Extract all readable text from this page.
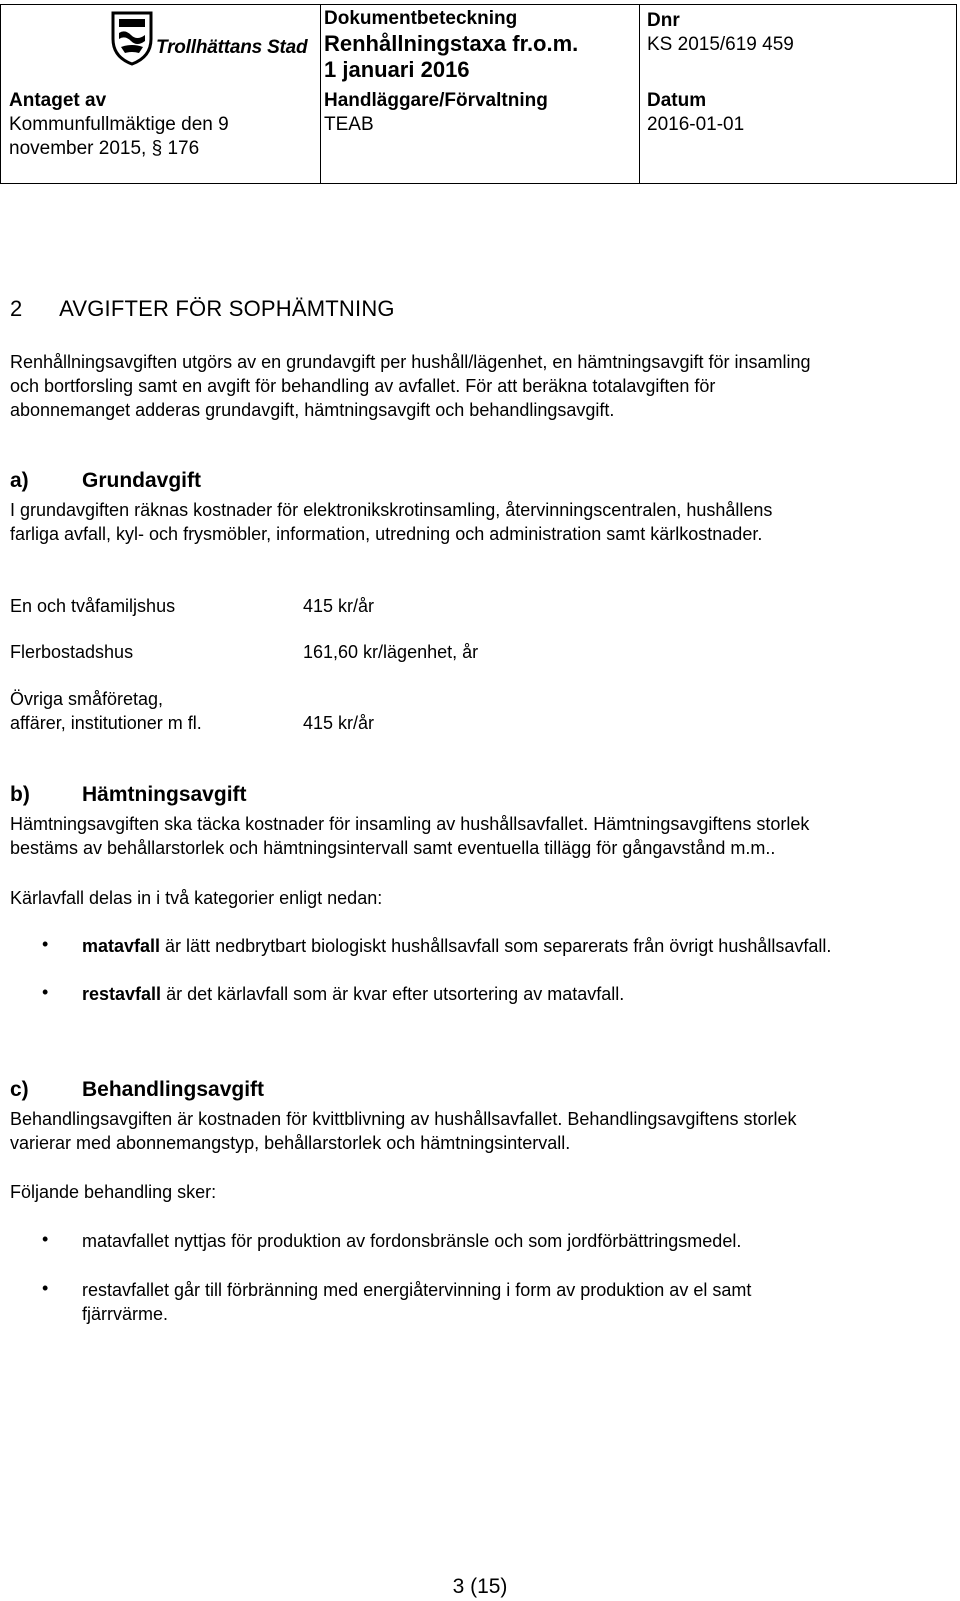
Trollhättans Stad
Antaget av
Kommunfullmäktige den 9
november 2015, § 176
Dokumentbeteckning
Renhållningstaxa fr.o.m.
1 januari 2016
Handläggare/Förvaltning
TEAB
Dnr
KS 2015/619 459
Datum
2016-01-01
2      AVGIFTER FÖR SOPHÄMTNING

Renhållningsavgiften utgörs av en grundavgift per hushåll/lägenhet, en hämtningsavgift för insamling

och bortforsling samt en avgift för behandling av avfallet. För att beräkna totalavgiften för

abonnemanget adderas grundavgift, hämtningsavgift och behandlingsavgift.

a)	Grundavgift

I grundavgiften räknas kostnader för elektronikskrotinsamling, återvinningscentralen, hushållens

farliga avfall, kyl- och frysmöbler, information, utredning och administration samt kärlkostnader.

En och tvåfamiljshus	415 kr/år
Flerbostadshus	161,60 kr/lägenhet, år
Övriga småföretag,
affärer, institutioner m fl.	415 kr/år
b) Hämtningsavgift

Hämtningsavgiften ska täcka kostnader för insamling av hushållsavfallet. Hämtningsavgiftens storlek

bestäms av behållarstorlek och hämtningsintervall samt eventuella tillägg för gångavstånd m.m..

Kärlavfall delas in i två kategorier enligt nedan:

• matavfall är lätt nedbrytbart biologiskt hushållsavfall som separerats från övrigt hushållsavfall.
• restavfall är det kärlavfall som är kvar efter utsortering av matavfall.
c)	Behandlingsavgift

Behandlingsavgiften är kostnaden för kvittblivning av hushållsavfallet. Behandlingsavgiftens storlek

varierar med abonnemangstyp, behållarstorlek och hämtningsintervall.

Följande behandling sker:

• matavfallet nyttjas för produktion av fordonsbränsle och som jordförbättringsmedel.
• restavfallet går till förbränning med energiåtervinning i form av produktion av el samt
fjärrvärme.
3 (15)
